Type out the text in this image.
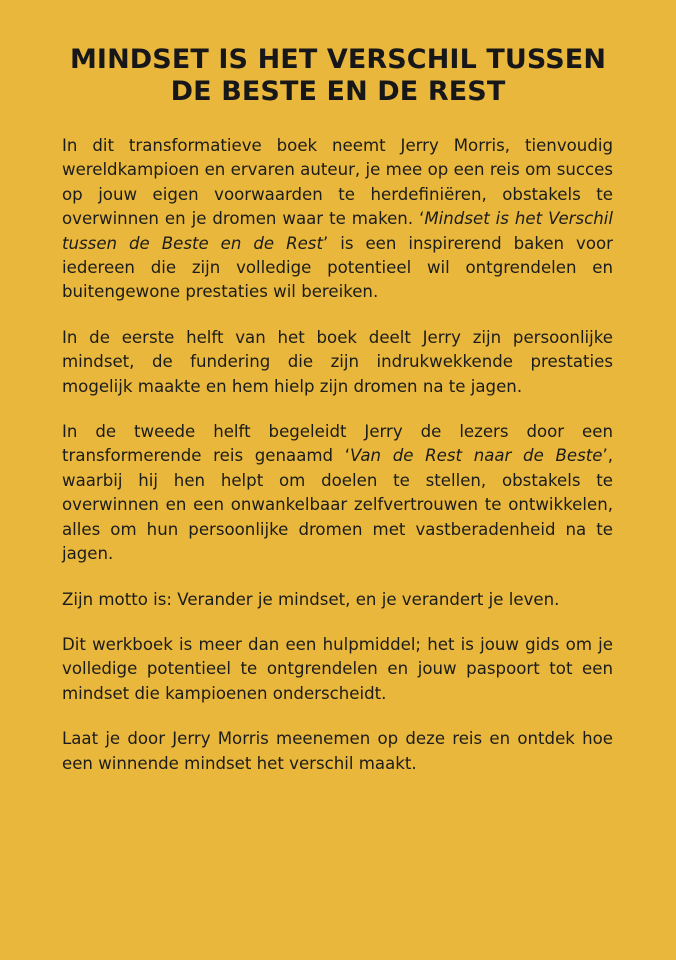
MINDSET IS HET VERSCHIL TUSSEN
DE BESTE EN DE REST

In dit transformatieve boek neemt Jerry Morris, tienvoudig wereldkampioen en ervaren auteur, je mee op een reis om succes op jouw eigen voorwaarden te herdefiniëren, obstakels te overwinnen en je dromen waar te maken. ‘Mindset is het Verschil tussen de Beste en de Rest’ is een inspirerend baken voor iedereen die zijn volledige potentieel wil ontgrendelen en buitengewone prestaties wil bereiken.

In de eerste helft van het boek deelt Jerry zijn persoonlijke mindset, de fundering die zijn indrukwekkende prestaties mogelijk maakte en hem hielp zijn dromen na te jagen.

In de tweede helft begeleidt Jerry de lezers door een transformerende reis genaamd ‘Van de Rest naar de Beste’, waarbij hij hen helpt om doelen te stellen, obstakels te overwinnen en een onwankelbaar zelfvertrouwen te ontwikkelen, alles om hun persoonlijke dromen met vastberadenheid na te jagen.

Zijn motto is: Verander je mindset, en je verandert je leven.

Dit werkboek is meer dan een hulpmiddel; het is jouw gids om je volledige potentieel te ontgrendelen en jouw paspoort tot een mindset die kampioenen onderscheidt.

Laat je door Jerry Morris meenemen op deze reis en ontdek hoe een winnende mindset het verschil maakt.
